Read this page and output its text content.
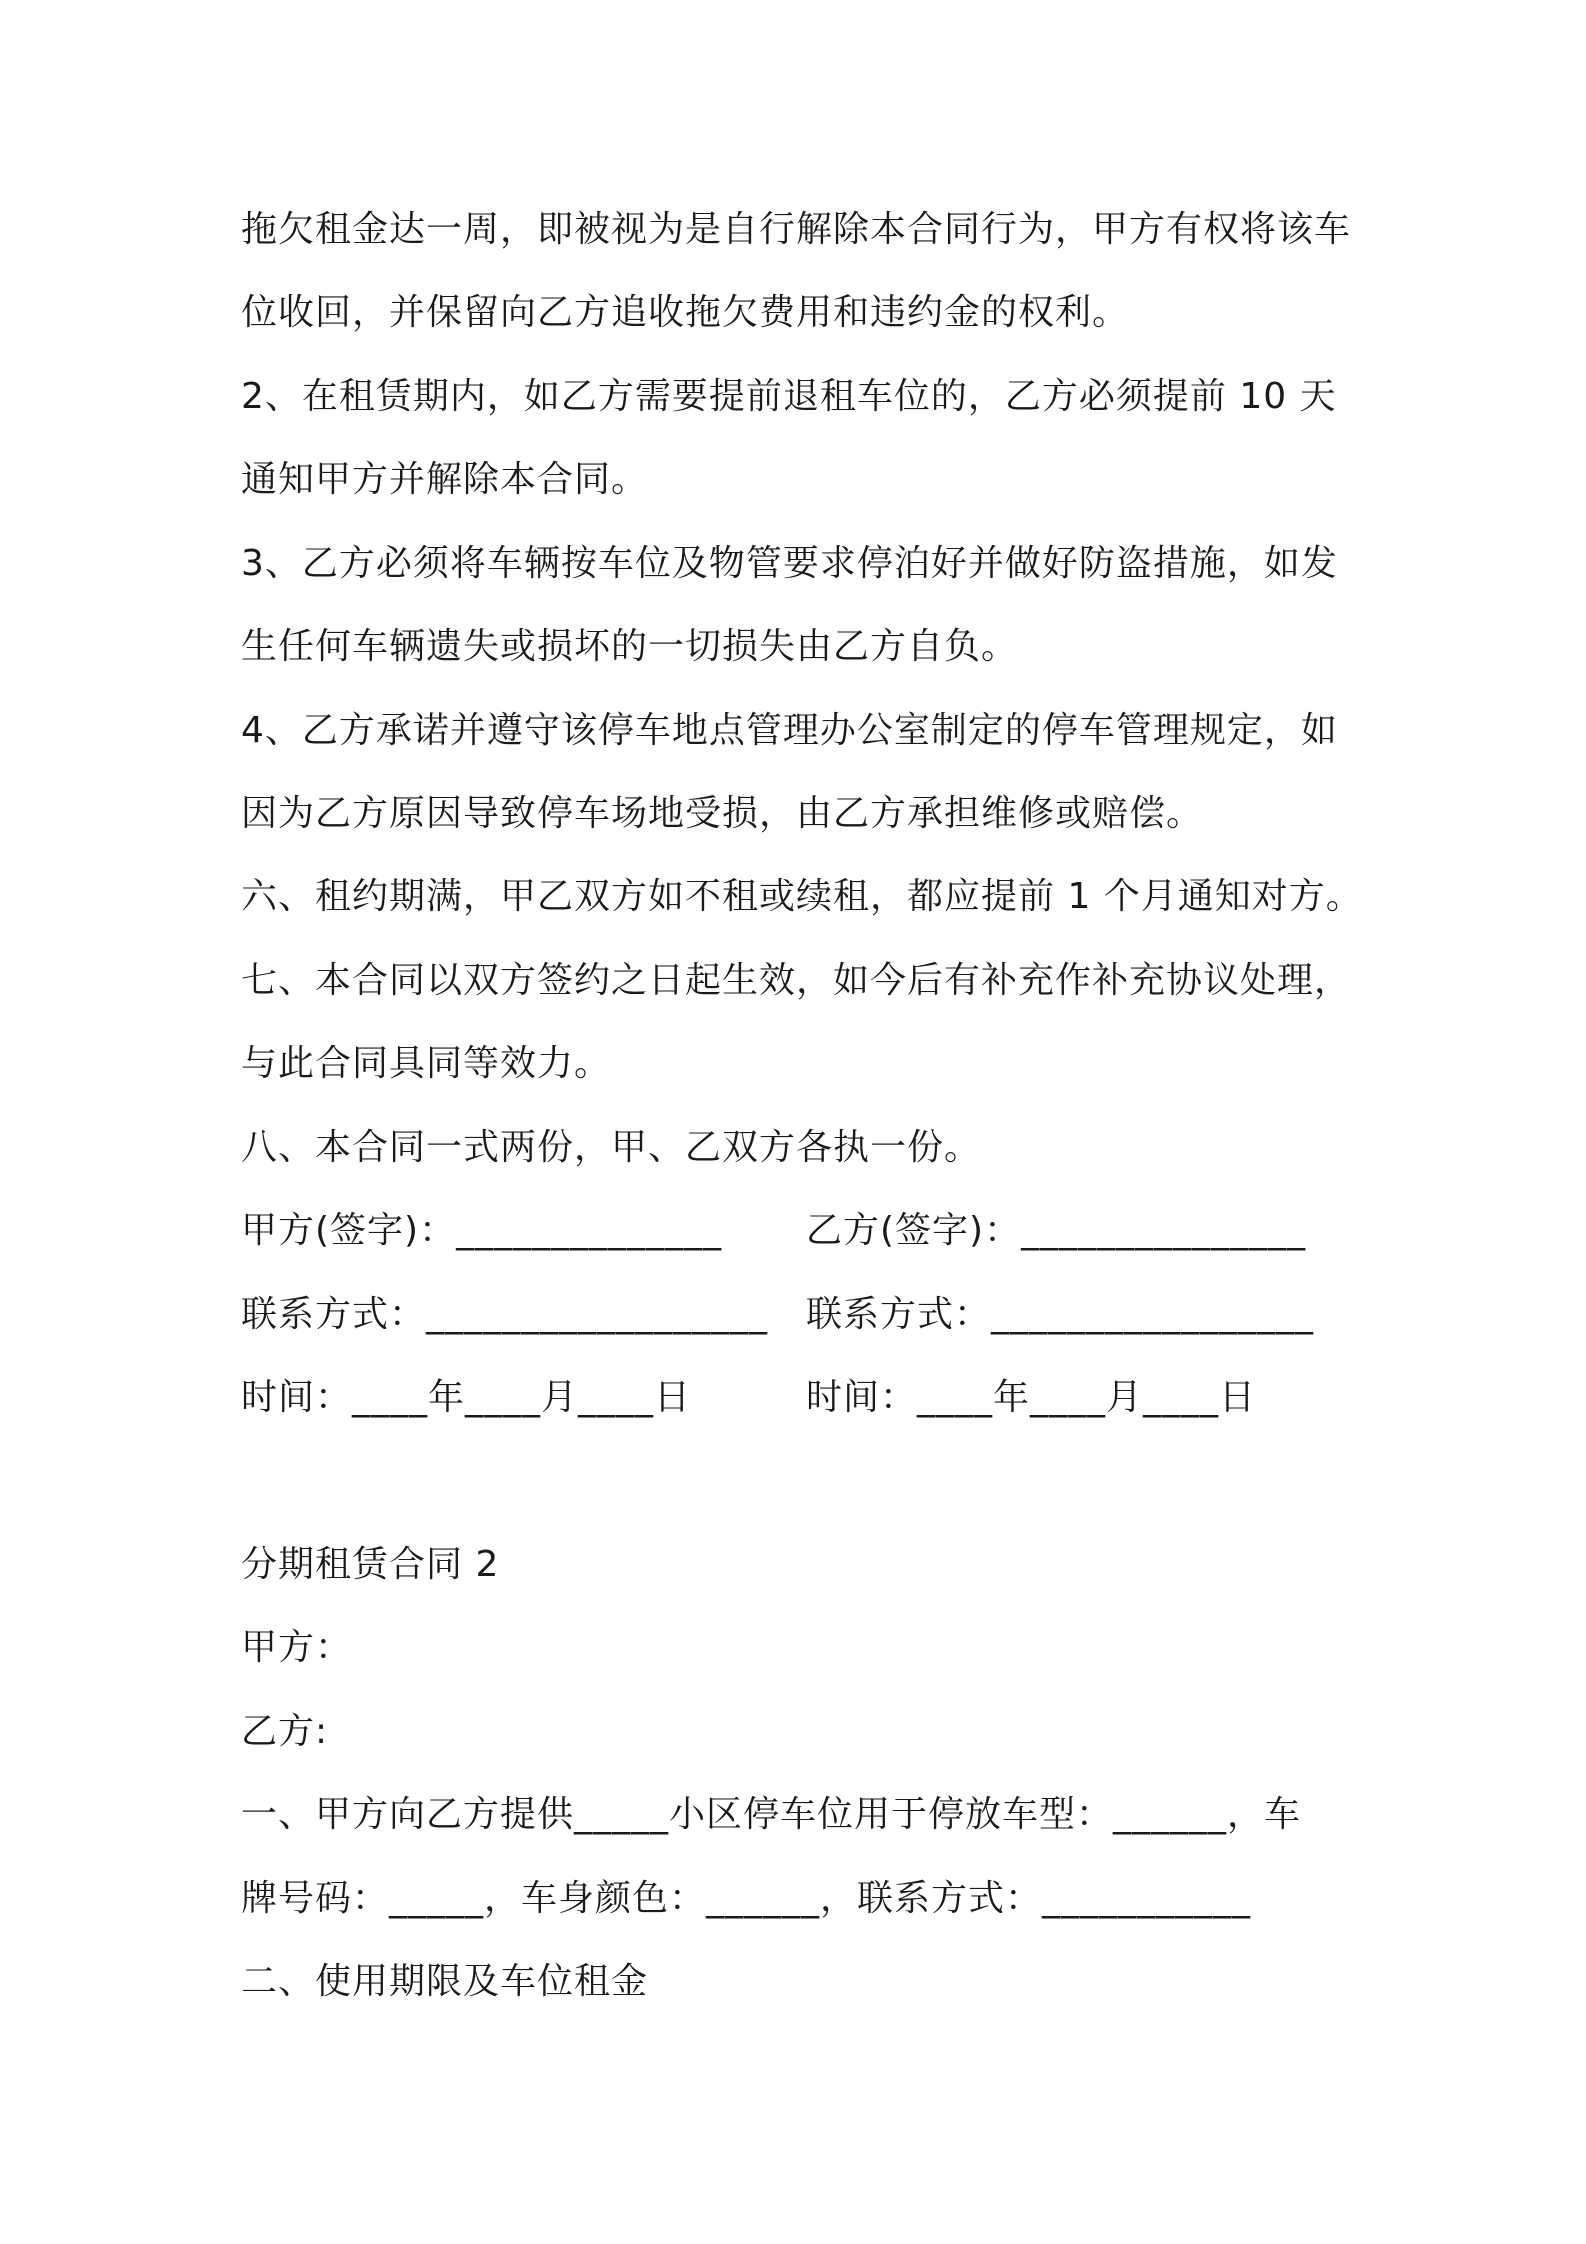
拖欠租金达一周，即被视为是自行解除本合同行为，甲方有权将该车
位收回，并保留向乙方追收拖欠费用和违约金的权利。
2、在租赁期内，如乙方需要提前退租车位的，乙方必须提前 10 天
通知甲方并解除本合同。
3、乙方必须将车辆按车位及物管要求停泊好并做好防盗措施，如发
生任何车辆遗失或损坏的一切损失由乙方自负。
4、乙方承诺并遵守该停车地点管理办公室制定的停车管理规定，如
因为乙方原因导致停车场地受损，由乙方承担维修或赔偿。
六、租约期满，甲乙双方如不租或续租，都应提前 1 个月通知对方。
七、本合同以双方签约之日起生效，如今后有补充作补充协议处理，
与此合同具同等效力。
八、本合同一式两份，甲、乙双方各执一份。
甲方(签字)：______________ 乙方(签字)：_______________
联系方式：__________________ 联系方式：_________________
时间：____年____月____日	时间：____年____月____日
分期租赁合同 2
甲方：
乙方:
一、甲方向乙方提供_____小区停车位用于停放车型：______，车
牌号码：_____，车身颜色：______，联系方式：___________
二、使用期限及车位租金
